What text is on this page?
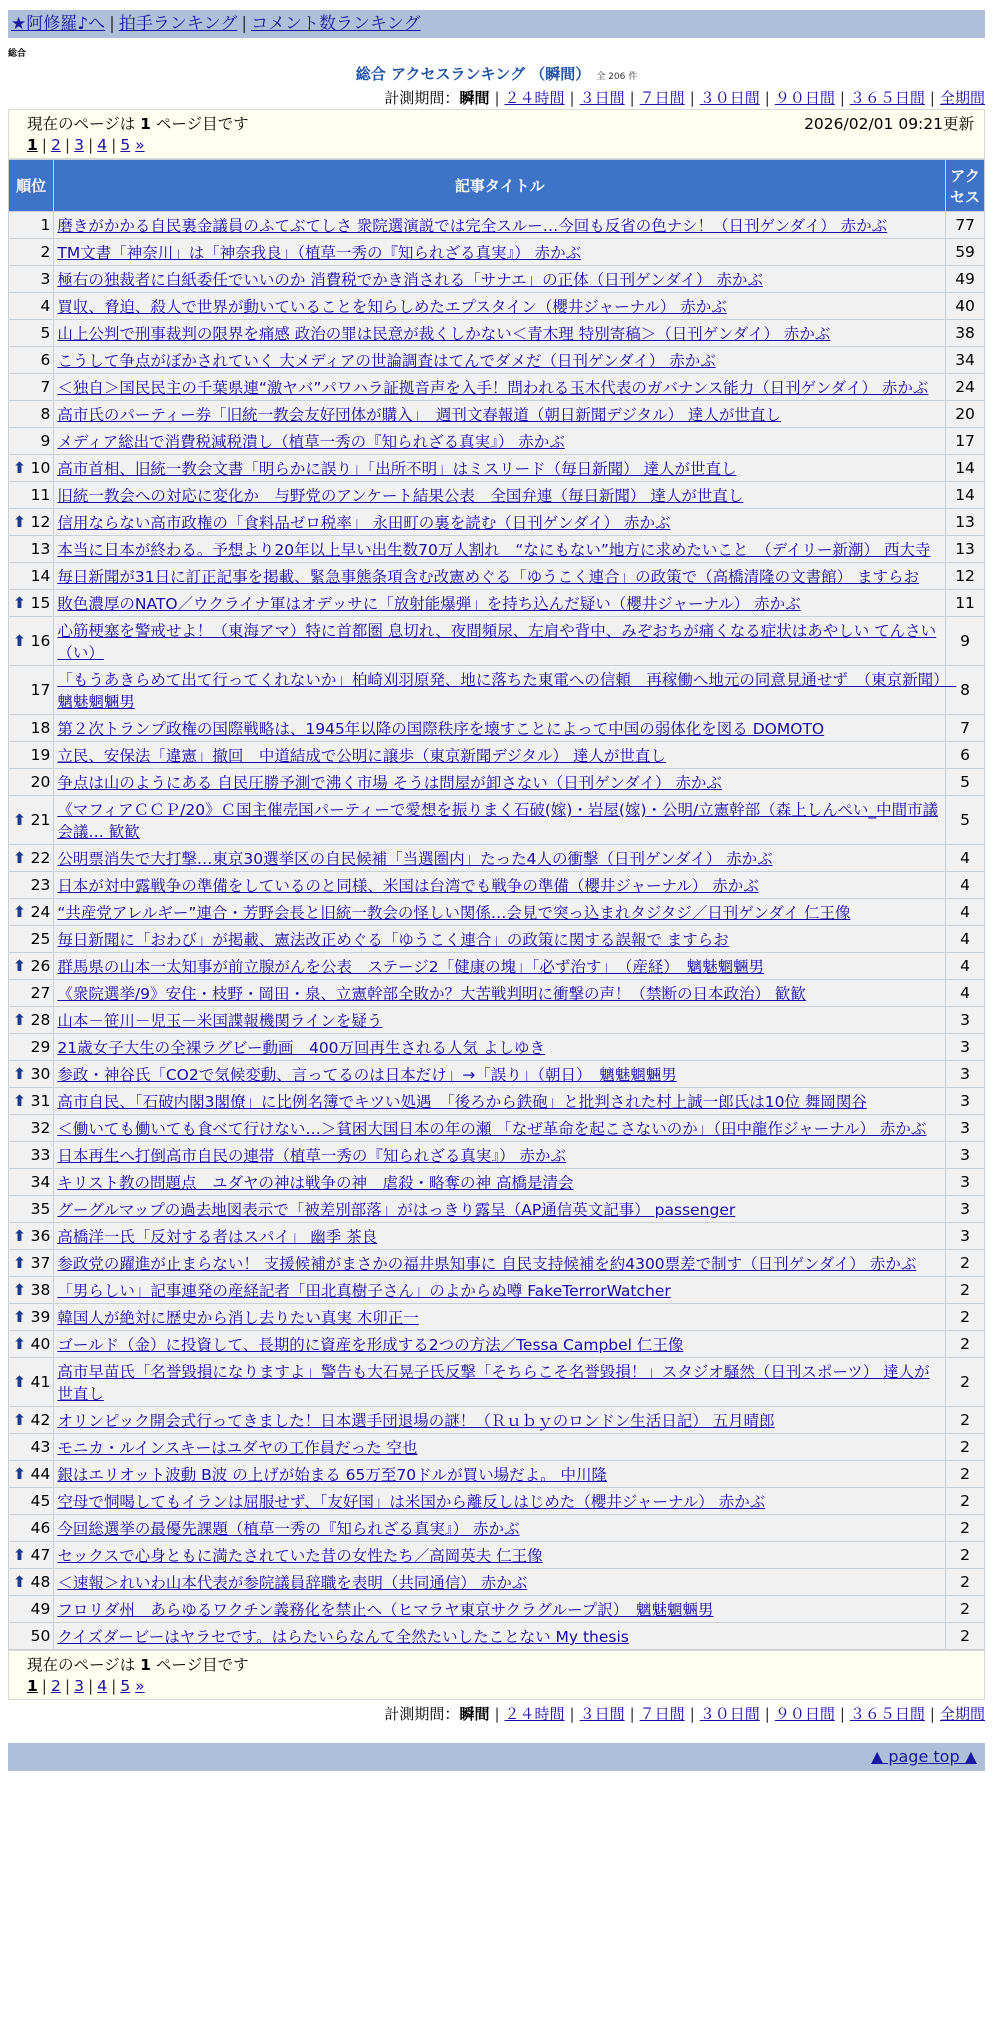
★阿修羅♪へ | 拍手ランキング | コメント数ランキング
総合
総合 アクセスランキング （瞬間） 全 206 件
計測期間：瞬間 | ２４時間 | ３日間 | ７日間 | ３０日間 | ９０日間 | ３６５日間 | 全期間
現在のページは 1 ページ目です	2026/02/01 09:21更新
1 | 2 | 3 | 4 | 5 »
順位	記事タイトル	アクセス
1	磨きがかかる自民裏金議員のふてぶてしさ 衆院選演説では完全スルー…今回も反省の色ナシ！（日刊ゲンダイ） 赤かぶ	77
2	TM文書「神奈川」は「神奈我良」（植草一秀の『知られざる真実』） 赤かぶ	59
3	極右の独裁者に白紙委任でいいのか 消費税でかき消される「サナエ」の正体（日刊ゲンダイ） 赤かぶ	49
4	買収、脅迫、殺人で世界が動いていることを知らしめたエプスタイン（櫻井ジャーナル） 赤かぶ	40
5	山上公判で刑事裁判の限界を痛感 政治の罪は民意が裁くしかない＜青木理 特別寄稿＞（日刊ゲンダイ） 赤かぶ	38
6	こうして争点がぼかされていく 大メディアの世論調査はてんでダメだ（日刊ゲンダイ） 赤かぶ	34
7	＜独自＞国民民主の千葉県連“激ヤバ”パワハラ証拠音声を入手！問われる玉木代表のガバナンス能力（日刊ゲンダイ） 赤かぶ	24
8	高市氏のパーティー券「旧統一教会友好団体が購入」　週刊文春報道（朝日新聞デジタル） 達人が世直し	20
9	メディア総出で消費税減税潰し（植草一秀の『知られざる真実』） 赤かぶ	17

⬆ 10	高市首相、旧統一教会文書「明らかに誤り」「出所不明」はミスリード（毎日新聞） 達人が世直し	14
11	旧統一教会への対応に変化か　与野党のアンケート結果公表　全国弁連（毎日新聞） 達人が世直し	14

⬆ 12	信用ならない高市政権の「食料品ゼロ税率」 永田町の裏を読む（日刊ゲンダイ） 赤かぶ	13
13	本当に日本が終わる。予想より20年以上早い出生数70万人割れ　“なにもない”地方に求めたいこと　（デイリー新潮） 西大寺	13
14	毎日新聞が31日に訂正記事を掲載、緊急事態条項含む改憲めぐる「ゆうこく連合」の政策で（高橋清隆の文書館） ますらお	12

⬆ 15	敗色濃厚のNATO／ウクライナ軍はオデッサに「放射能爆弾」を持ち込んだ疑い（櫻井ジャーナル） 赤かぶ	11

⬆ 16	心筋梗塞を警戒せよ！（東海アマ）特に首都圏 息切れ、夜間頻尿、左肩や背中、みぞおちが痛くなる症状はあやしい てんさい（い）	9
17	「もうあきらめて出て行ってくれないか」柏崎刈羽原発、地に落ちた東電への信頼　再稼働へ地元の同意見通せず　（東京新聞）　魑魅魍魎男	8
18	第２次トランプ政権の国際戦略は、1945年以降の国際秩序を壊すことによって中国の弱体化を図る DOMOTO	7
19	立民、安保法「違憲」撤回　中道結成で公明に譲歩（東京新聞デジタル） 達人が世直し	6
20	争点は山のようにある 自民圧勝予測で沸く市場 そうは問屋が卸さない（日刊ゲンダイ） 赤かぶ	5

⬆ 21	《マフィアＣＣＰ/20》Ｃ国主催売国パーティーで愛想を振りまく石破(嫁)・岩屋(嫁)・公明/立憲幹部（森上しんぺい_中間市議会議… 歓歓	5

⬆ 22	公明票消失で大打撃…東京30選挙区の自民候補「当選圏内」たった4人の衝撃（日刊ゲンダイ） 赤かぶ	4
23	日本が対中露戦争の準備をしているのと同様、米国は台湾でも戦争の準備（櫻井ジャーナル） 赤かぶ	4

⬆ 24	“共産党アレルギー”連合・芳野会長と旧統一教会の怪しい関係…会見で突っ込まれタジタジ／日刊ゲンダイ 仁王像	4
25	毎日新聞に「おわび」が掲載、憲法改正めぐる「ゆうこく連合」の政策に関する誤報で ますらお	4

⬆ 26	群馬県の山本一太知事が前立腺がんを公表　ステージ2「健康の塊」「必ず治す」　（産経）　魑魅魍魎男	4
27	《衆院選挙/9》安住・枝野・岡田・泉、立憲幹部全敗か？大苦戦判明に衝撃の声！（禁断の日本政治） 歓歓	4

⬆ 28	山本－笹川－児玉－米国諜報機関ラインを疑う	3
29	21歳女子大生の全裸ラグビー動画　400万回再生される人気 よしゆき	3

⬆ 30	参政・神谷氏「CO2で気候変動、言ってるのは日本だけ」→「誤り」（朝日）　魑魅魍魎男	3

⬆ 31	高市自民、「石破内閣3閣僚」に比例名簿でキツい処遇　「後ろから鉄砲」と批判された村上誠一郎氏は10位 舞岡関谷	3
32	＜働いても働いても食べて行けない…＞貧困大国日本の年の瀬 「なぜ革命を起こさないのか」（田中龍作ジャーナル） 赤かぶ	3
33	日本再生へ打倒高市自民の連帯（植草一秀の『知られざる真実』） 赤かぶ	3
34	キリスト教の問題点　ユダヤの神は戦争の神　虐殺・略奪の神 高橋是清会	3
35	グーグルマップの過去地図表示で「被差別部落」がはっきり露呈（AP通信英文記事） passenger	3

⬆ 36	高橋洋一氏「反対する者はスパイ」 幽季 茶良	3

⬆ 37	参政党の躍進が止まらない！ 支援候補がまさかの福井県知事に 自民支持候補を約4300票差で制す（日刊ゲンダイ） 赤かぶ	2

⬆ 38	「男らしい」記事連発の産経記者「田北真樹子さん」のよからぬ噂 FakeTerrorWatcher	2

⬆ 39	韓国人が絶対に歴史から消し去りたい真実 木卯正一	2

⬆ 40	ゴールド（金）に投資して、長期的に資産を形成する2つの方法／Tessa Campbel 仁王像	2

⬆ 41	高市早苗氏「名誉毀損になりますよ」警告も大石晃子氏反撃「そちらこそ名誉毀損！」スタジオ騒然（日刊スポーツ） 達人が世直し	2

⬆ 42	オリンピック開会式行ってきました！日本選手団退場の謎！（Ｒｕｂｙのロンドン生活日記） 五月晴郎	2
43	モニカ・ルインスキーはユダヤの工作員だった 空也	2

⬆ 44	銀はエリオット波動 B波 の上げが始まる 65万至70ドルが買い場だよ。 中川隆	2
45	空母で恫喝してもイランは屈服せず、「友好国」は米国から離反しはじめた（櫻井ジャーナル） 赤かぶ	2
46	今回総選挙の最優先課題（植草一秀の『知られざる真実』） 赤かぶ	2

⬆ 47	セックスで心身ともに満たされていた昔の女性たち／高岡英夫 仁王像	2

⬆ 48	＜速報＞れいわ山本代表が参院議員辞職を表明（共同通信） 赤かぶ	2
49	フロリダ州　あらゆるワクチン義務化を禁止へ（ヒマラヤ東京サクラグループ訳）　魑魅魍魎男	2
50	クイズダービーはヤラセです。はらたいらなんて全然たいしたことない My thesis	2
現在のページは 1 ページ目です
1 | 2 | 3 | 4 | 5 »
計測期間：瞬間 | ２４時間 | ３日間 | ７日間 | ３０日間 | ９０日間 | ３６５日間 | 全期間
▲ page top ▲
